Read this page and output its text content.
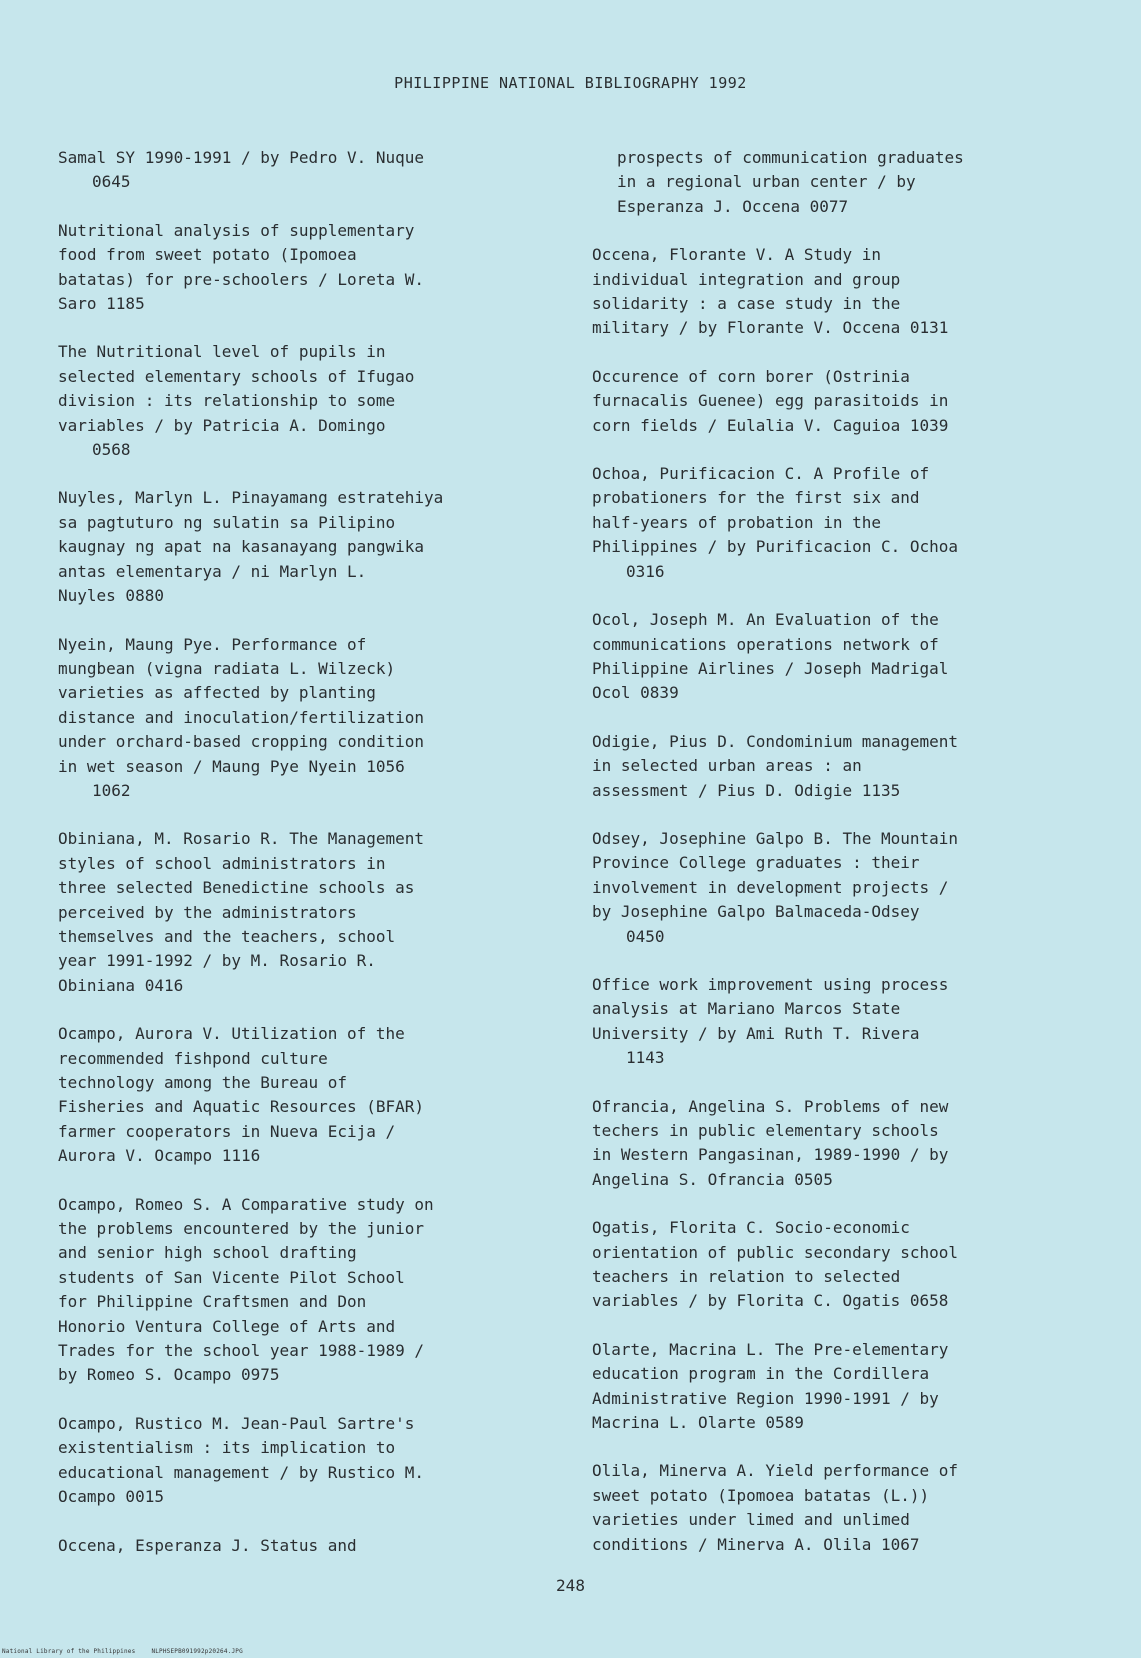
PHILIPPINE NATIONAL BIBLIOGRAPHY 1992
Samal SY 1990-1991 / by Pedro V. Nuque
0645
Nutritional analysis of supplementary
food from sweet potato (Ipomoea
batatas) for pre-schoolers / Loreta W.
Saro 1185
The Nutritional level of pupils in
selected elementary schools of Ifugao
division : its relationship to some
variables / by Patricia A. Domingo
0568
Nuyles, Marlyn L. Pinayamang estratehiya
sa pagtuturo ng sulatin sa Pilipino
kaugnay ng apat na kasanayang pangwika
antas elementarya / ni Marlyn L.
Nuyles 0880
Nyein, Maung Pye. Performance of
mungbean (vigna radiata L. Wilzeck)
varieties as affected by planting
distance and inoculation/fertilization
under orchard-based cropping condition
in wet season / Maung Pye Nyein 1056
1062
Obiniana, M. Rosario R. The Management
styles of school administrators in
three selected Benedictine schools as
perceived by the administrators
themselves and the teachers, school
year 1991-1992 / by M. Rosario R.
Obiniana 0416
Ocampo, Aurora V. Utilization of the
recommended fishpond culture
technology among the Bureau of
Fisheries and Aquatic Resources (BFAR)
farmer cooperators in Nueva Ecija /
Aurora V. Ocampo 1116
Ocampo, Romeo S. A Comparative study on
the problems encountered by the junior
and senior high school drafting
students of San Vicente Pilot School
for Philippine Craftsmen and Don
Honorio Ventura College of Arts and
Trades for the school year 1988-1989 /
by Romeo S. Ocampo 0975
Ocampo, Rustico M. Jean-Paul Sartre's
existentialism : its implication to
educational management / by Rustico M.
Ocampo 0015
Occena, Esperanza J. Status and
prospects of communication graduates
in a regional urban center / by
Esperanza J. Occena 0077
Occena, Florante V. A Study in
individual integration and group
solidarity : a case study in the
military / by Florante V. Occena 0131
Occurence of corn borer (Ostrinia
furnacalis Guenee) egg parasitoids in
corn fields / Eulalia V. Caguioa 1039
Ochoa, Purificacion C. A Profile of
probationers for the first six and
half-years of probation in the
Philippines / by Purificacion C. Ochoa
0316
Ocol, Joseph M. An Evaluation of the
communications operations network of
Philippine Airlines / Joseph Madrigal
Ocol 0839
Odigie, Pius D. Condominium management
in selected urban areas : an
assessment / Pius D. Odigie 1135
Odsey, Josephine Galpo B. The Mountain
Province College graduates : their
involvement in development projects /
by Josephine Galpo Balmaceda-Odsey
0450
Office work improvement using process
analysis at Mariano Marcos State
University / by Ami Ruth T. Rivera
1143
Ofrancia, Angelina S. Problems of new
techers in public elementary schools
in Western Pangasinan, 1989-1990 / by
Angelina S. Ofrancia 0505
Ogatis, Florita C. Socio-economic
orientation of public secondary school
teachers in relation to selected
variables / by Florita C. Ogatis 0658
Olarte, Macrina L. The Pre-elementary
education program in the Cordillera
Administrative Region 1990-1991 / by
Macrina L. Olarte 0589
Olila, Minerva A. Yield performance of
sweet potato (Ipomoea batatas (L.))
varieties under limed and unlimed
conditions / Minerva A. Olila 1067
248
National Library of the Philippines	NLPHSEPB091992p20264.JPG
